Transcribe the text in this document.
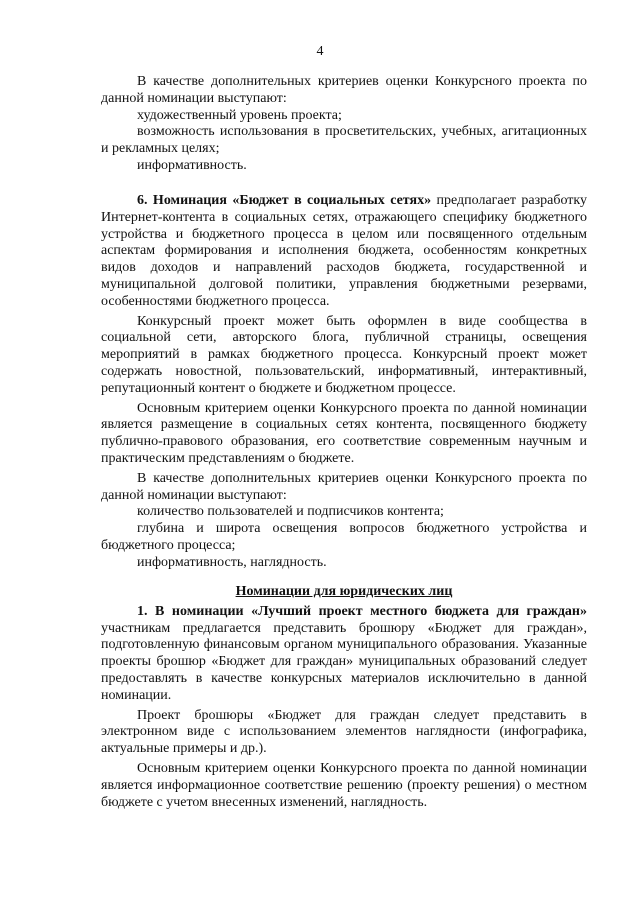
4

В качестве дополнительных критериев оценки Конкурсного проекта по данной номинации выступают:

художественный уровень проекта;

возможность использования в просветительских, учебных, агитационных и рекламных целях;

информативность.

6. Номинация «Бюджет в социальных сетях» предполагает разработку Интернет-контента в социальных сетях, отражающего специфику бюджетного устройства и бюджетного процесса в целом или посвященного отдельным аспектам формирования и исполнения бюджета, особенностям конкретных видов доходов и направлений расходов бюджета, государственной и муниципальной долговой политики, управления бюджетными резервами, особенностями бюджетного процесса.

Конкурсный проект может быть оформлен в виде сообщества в социальной сети, авторского блога, публичной страницы, освещения мероприятий в рамках бюджетного процесса. Конкурсный проект может содержать новостной, пользовательский, информативный, интерактивный, репутационный контент о бюджете и бюджетном процессе.

Основным критерием оценки Конкурсного проекта по данной номинации является размещение в социальных сетях контента, посвященного бюджету публично-правового образования, его соответствие современным научным и практическим представлениям о бюджете.

В качестве дополнительных критериев оценки Конкурсного проекта по данной номинации выступают:

количество пользователей и подписчиков контента;

глубина и широта освещения вопросов бюджетного устройства и бюджетного процесса;

информативность, наглядность.

Номинации для юридических лиц

1. В номинации «Лучший проект местного бюджета для граждан» участникам предлагается представить брошюру «Бюджет для граждан», подготовленную финансовым органом муниципального образования. Указанные проекты брошюр «Бюджет для граждан» муниципальных образований следует предоставлять в качестве конкурсных материалов исключительно в данной номинации.

Проект брошюры «Бюджет для граждан следует представить в электронном виде с использованием элементов наглядности (инфографика, актуальные примеры и др.).

Основным критерием оценки Конкурсного проекта по данной номинации является информационное соответствие решению (проекту решения) о местном бюджете с учетом внесенных изменений, наглядность.
